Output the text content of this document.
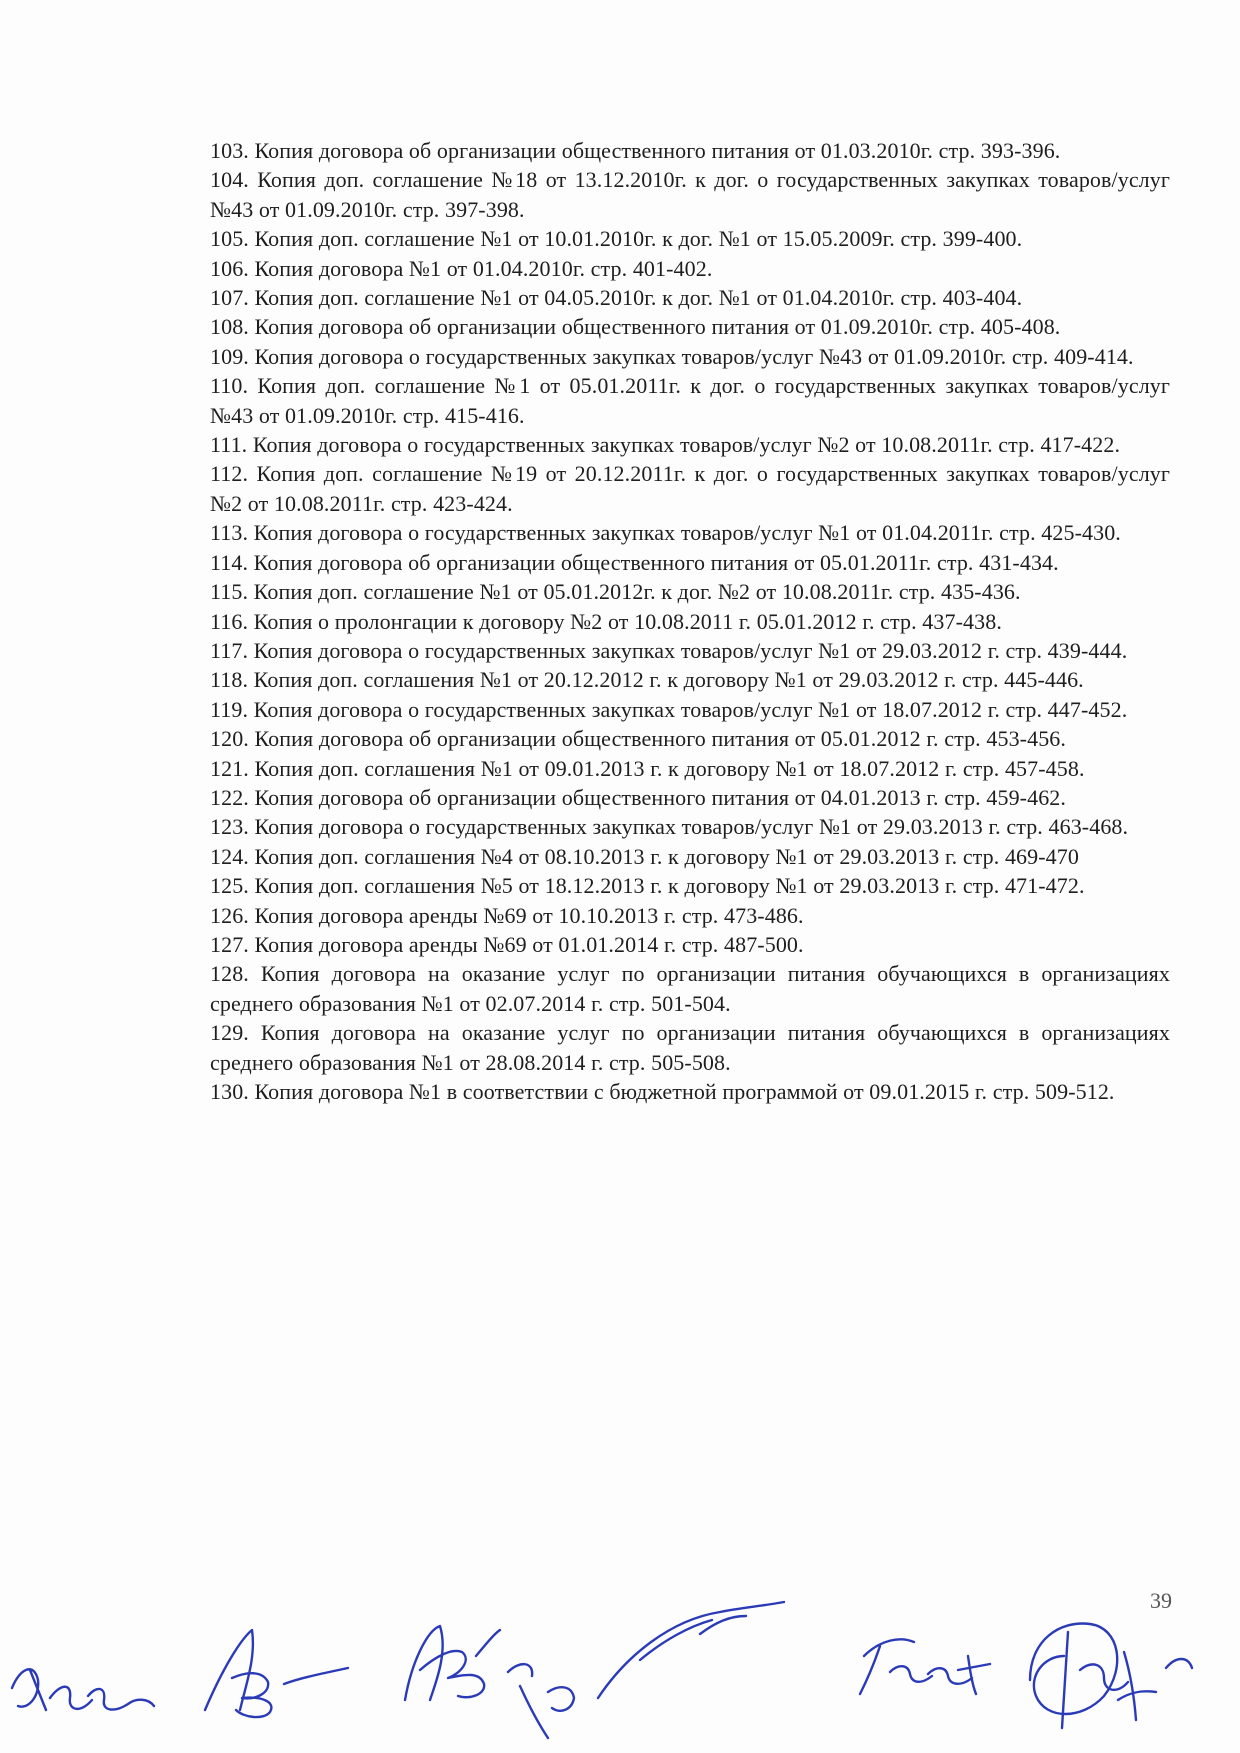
103. Копия договора об организации общественного питания от 01.03.2010г. стр. 393-396.
104. Копия доп. соглашение №18 от 13.12.2010г. к дог. о государственных закупках товаров/услуг №43 от 01.09.2010г. стр. 397-398.
105. Копия доп. соглашение №1 от 10.01.2010г. к дог. №1 от 15.05.2009г. стр. 399-400.
106. Копия договора №1 от 01.04.2010г. стр. 401-402.
107. Копия доп. соглашение №1 от 04.05.2010г. к дог. №1 от 01.04.2010г. стр. 403-404.
108. Копия договора об организации общественного питания от 01.09.2010г. стр. 405-408.
109. Копия договора о государственных закупках товаров/услуг №43 от 01.09.2010г. стр. 409-414.
110. Копия доп. соглашение №1 от 05.01.2011г. к дог. о государственных закупках товаров/услуг №43 от 01.09.2010г. стр. 415-416.
111. Копия договора о государственных закупках товаров/услуг №2 от 10.08.2011г. стр. 417-422.
112. Копия доп. соглашение №19 от 20.12.2011г. к дог. о государственных закупках товаров/услуг №2 от 10.08.2011г. стр. 423-424.
113. Копия договора о государственных закупках товаров/услуг №1 от 01.04.2011г. стр. 425-430.
114. Копия договора об организации общественного питания от 05.01.2011г. стр. 431-434.
115. Копия доп. соглашение №1 от 05.01.2012г. к дог. №2 от 10.08.2011г. стр. 435-436.
116. Копия о пролонгации к договору №2 от 10.08.2011 г. 05.01.2012 г. стр. 437-438.
117. Копия договора о государственных закупках товаров/услуг №1 от 29.03.2012 г. стр. 439-444.
118. Копия доп. соглашения №1 от 20.12.2012 г. к договору №1 от 29.03.2012 г. стр. 445-446.
119. Копия договора о государственных закупках товаров/услуг №1 от 18.07.2012 г. стр. 447-452.
120. Копия договора об организации общественного питания от 05.01.2012 г. стр. 453-456.
121. Копия доп. соглашения №1 от 09.01.2013 г. к договору №1 от 18.07.2012 г. стр. 457-458.
122. Копия договора об организации общественного питания от 04.01.2013 г. стр. 459-462.
123. Копия договора о государственных закупках товаров/услуг №1 от 29.03.2013 г. стр. 463-468.
124. Копия доп. соглашения №4 от 08.10.2013 г. к договору №1 от 29.03.2013 г. стр. 469-470
125. Копия доп. соглашения №5 от 18.12.2013 г. к договору №1 от 29.03.2013 г. стр. 471-472.
126. Копия договора аренды №69 от 10.10.2013 г. стр. 473-486.
127. Копия договора аренды №69 от 01.01.2014 г. стр. 487-500.
128. Копия договора на оказание услуг по организации питания обучающихся в организациях среднего образования №1 от 02.07.2014 г. стр. 501-504.
129. Копия договора на оказание услуг по организации питания обучающихся в организациях среднего образования №1 от 28.08.2014 г. стр. 505-508.
130. Копия договора №1 в соответствии с бюджетной программой от 09.01.2015 г. стр. 509-512.
39
